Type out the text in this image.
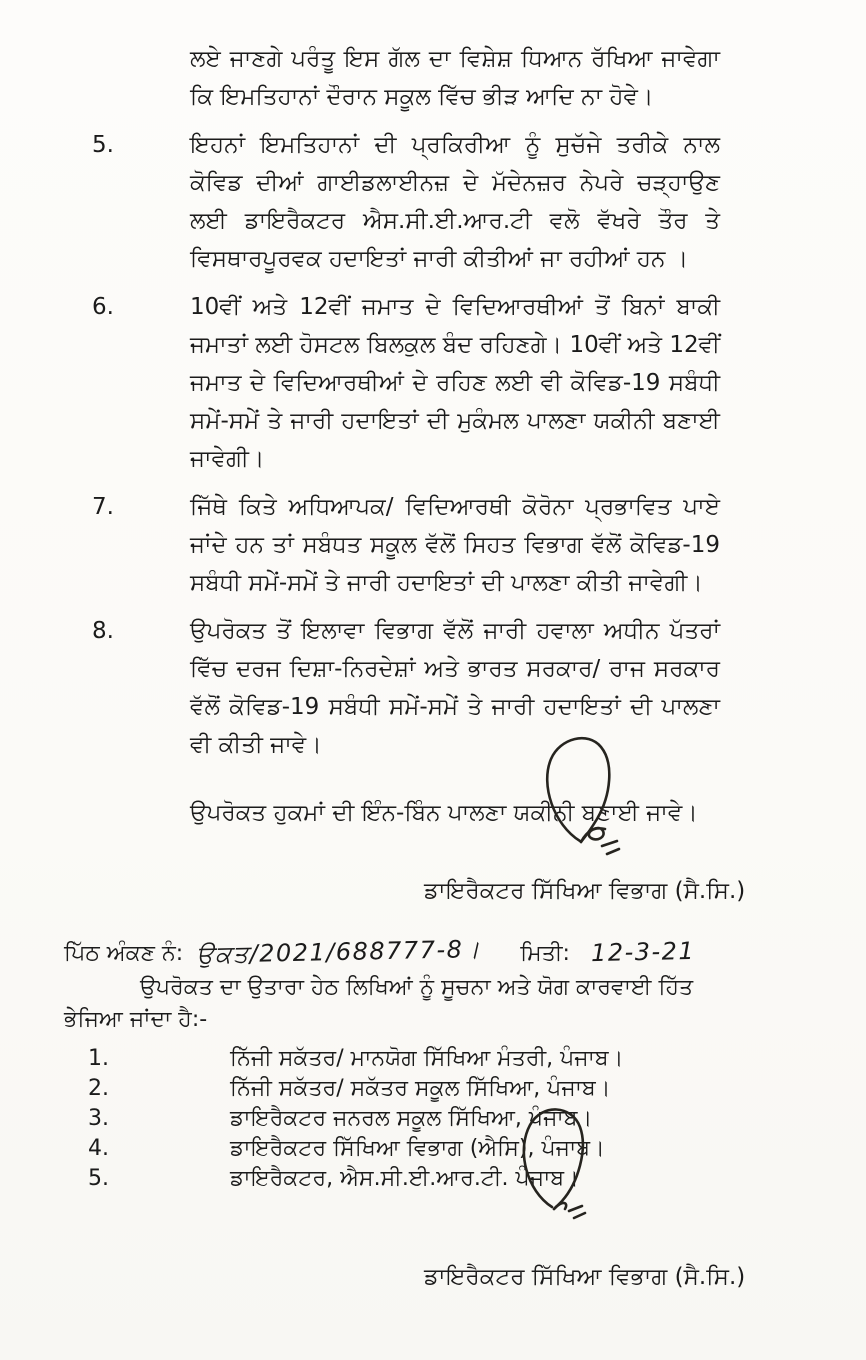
ਲਏ ਜਾਣਗੇ ਪਰੰਤੂ ਇਸ ਗੱਲ ਦਾ ਵਿਸ਼ੇਸ਼ ਧਿਆਨ ਰੱਖਿਆ ਜਾਵੇਗਾ ਕਿ ਇਮਤਿਹਾਨਾਂ ਦੌਰਾਨ ਸਕੂਲ ਵਿੱਚ ਭੀੜ ਆਦਿ ਨਾ ਹੋਵੇ।

5.	ਇਹਨਾਂ ਇਮਤਿਹਾਨਾਂ ਦੀ ਪ੍ਰਕਿਰੀਆ ਨੂੰ ਸੁਚੱਜੇ ਤਰੀਕੇ ਨਾਲ ਕੋਵਿਡ ਦੀਆਂ ਗਾਈਡਲਾਈਨਜ਼ ਦੇ ਮੱਦੇਨਜ਼ਰ ਨੇਪਰੇ ਚੜ੍ਹਾਉਣ ਲਈ ਡਾਇਰੈਕਟਰ ਐਸ.ਸੀ.ਈ.ਆਰ.ਟੀ ਵਲੋ ਵੱਖਰੇ ਤੌਰ ਤੇ ਵਿਸਥਾਰਪੂਰਵਕ ਹਦਾਇਤਾਂ ਜਾਰੀ ਕੀਤੀਆਂ ਜਾ ਰਹੀਆਂ ਹਨ ।

6.	10ਵੀਂ ਅਤੇ 12ਵੀਂ ਜਮਾਤ ਦੇ ਵਿਦਿਆਰਥੀਆਂ ਤੋਂ ਬਿਨਾਂ ਬਾਕੀ ਜਮਾਤਾਂ ਲਈ ਹੋਸਟਲ ਬਿਲਕੁਲ ਬੰਦ ਰਹਿਣਗੇ। 10ਵੀਂ ਅਤੇ 12ਵੀਂ ਜਮਾਤ ਦੇ ਵਿਦਿਆਰਥੀਆਂ ਦੇ ਰਹਿਣ ਲਈ ਵੀ ਕੋਵਿਡ-19 ਸਬੰਧੀ ਸਮੇਂ-ਸਮੇਂ ਤੇ ਜਾਰੀ ਹਦਾਇਤਾਂ ਦੀ ਮੁਕੰਮਲ ਪਾਲਣਾ ਯਕੀਨੀ ਬਣਾਈ ਜਾਵੇਗੀ।

7.	ਜਿੱਥੇ ਕਿਤੇ ਅਧਿਆਪਕ/ ਵਿਦਿਆਰਥੀ ਕੋਰੋਨਾ ਪ੍ਰਭਾਵਿਤ ਪਾਏ ਜਾਂਦੇ ਹਨ ਤਾਂ ਸਬੰਧਤ ਸਕੂਲ ਵੱਲੋਂ ਸਿਹਤ ਵਿਭਾਗ ਵੱਲੋਂ ਕੋਵਿਡ-19 ਸਬੰਧੀ ਸਮੇਂ-ਸਮੇਂ ਤੇ ਜਾਰੀ ਹਦਾਇਤਾਂ ਦੀ ਪਾਲਣਾ ਕੀਤੀ ਜਾਵੇਗੀ।

8.	ਉਪਰੋਕਤ ਤੋਂ ਇਲਾਵਾ ਵਿਭਾਗ ਵੱਲੋਂ ਜਾਰੀ ਹਵਾਲਾ ਅਧੀਨ ਪੱਤਰਾਂ ਵਿੱਚ ਦਰਜ ਦਿਸ਼ਾ-ਨਿਰਦੇਸ਼ਾਂ ਅਤੇ ਭਾਰਤ ਸਰਕਾਰ/ ਰਾਜ ਸਰਕਾਰ ਵੱਲੋਂ ਕੋਵਿਡ-19 ਸਬੰਧੀ ਸਮੇਂ-ਸਮੇਂ ਤੇ ਜਾਰੀ ਹਦਾਇਤਾਂ ਦੀ ਪਾਲਣਾ ਵੀ ਕੀਤੀ ਜਾਵੇ।

ਉਪਰੋਕਤ ਹੁਕਮਾਂ ਦੀ ਇੰਨ-ਬਿੰਨ ਪਾਲਣਾ ਯਕੀਨੀ ਬਣਾਈ ਜਾਵੇ।

ਡਾਇਰੈਕਟਰ ਸਿੱਖਿਆ ਵਿਭਾਗ (ਸੈ.ਸਿ.)

ਪਿੱਠ ਅੰਕਣ ਨੰ: ਉਕਤ/2021/688777-8। ਮਿਤੀ: 12-3-21

ਉਪਰੋਕਤ ਦਾ ਉਤਾਰਾ ਹੇਠ ਲਿਖਿਆਂ ਨੂੰ ਸੂਚਨਾ ਅਤੇ ਯੋਗ ਕਾਰਵਾਈ ਹਿੱਤ

ਭੇਜਿਆ ਜਾਂਦਾ ਹੈ:-

1.	ਨਿੱਜੀ ਸਕੱਤਰ/ ਮਾਨਯੋਗ ਸਿੱਖਿਆ ਮੰਤਰੀ, ਪੰਜਾਬ।

2.	ਨਿੱਜੀ ਸਕੱਤਰ/ ਸਕੱਤਰ ਸਕੂਲ ਸਿੱਖਿਆ, ਪੰਜਾਬ।

3.	ਡਾਇਰੈਕਟਰ ਜਨਰਲ ਸਕੂਲ ਸਿੱਖਿਆ, ਪੰਜਾਬ।

4.	ਡਾਇਰੈਕਟਰ ਸਿੱਖਿਆ ਵਿਭਾਗ (ਐਸਿ), ਪੰਜਾਬ।

5.	ਡਾਇਰੈਕਟਰ, ਐਸ.ਸੀ.ਈ.ਆਰ.ਟੀ. ਪੰਜਾਬ।

ਡਾਇਰੈਕਟਰ ਸਿੱਖਿਆ ਵਿਭਾਗ (ਸੈ.ਸਿ.)
